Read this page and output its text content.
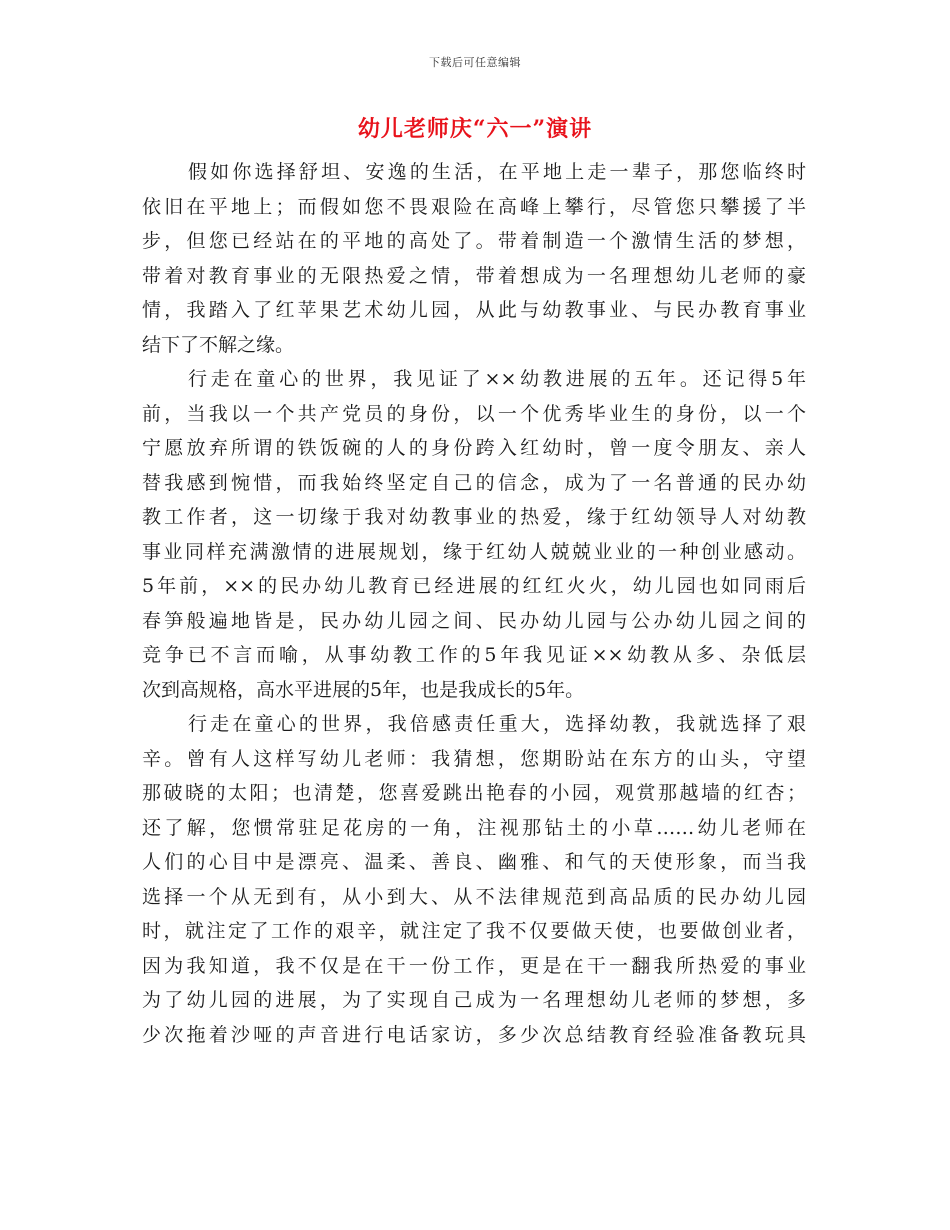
下载后可任意编辑
幼儿老师庆“六一”演讲
假如你选择舒坦、安逸的生活，在平地上走一辈子，那您临终时
依旧在平地上；而假如您不畏艰险在高峰上攀行，尽管您只攀援了半
步，但您已经站在的平地的高处了。带着制造一个激情生活的梦想，
带着对教育事业的无限热爱之情，带着想成为一名理想幼儿老师的豪
情，我踏入了红苹果艺术幼儿园，从此与幼教事业、与民办教育事业
结下了不解之缘。
行走在童心的世界，我见证了××幼教进展的五年。还记得5年
前，当我以一个共产党员的身份，以一个优秀毕业生的身份，以一个
宁愿放弃所谓的铁饭碗的人的身份跨入红幼时，曾一度令朋友、亲人
替我感到惋惜，而我始终坚定自己的信念，成为了一名普通的民办幼
教工作者，这一切缘于我对幼教事业的热爱，缘于红幼领导人对幼教
事业同样充满激情的进展规划，缘于红幼人兢兢业业的一种创业感动。
5年前，××的民办幼儿教育已经进展的红红火火，幼儿园也如同雨后
春笋般遍地皆是，民办幼儿园之间、民办幼儿园与公办幼儿园之间的
竞争已不言而喻，从事幼教工作的5年我见证××幼教从多、杂低层
次到高规格，高水平进展的5年，也是我成长的5年。
行走在童心的世界，我倍感责任重大，选择幼教，我就选择了艰
辛。曾有人这样写幼儿老师：我猜想，您期盼站在东方的山头，守望
那破晓的太阳；也清楚，您喜爱跳出艳春的小园，观赏那越墙的红杏；
还了解，您惯常驻足花房的一角，注视那钻土的小草……幼儿老师在
人们的心目中是漂亮、温柔、善良、幽雅、和气的天使形象，而当我
选择一个从无到有，从小到大、从不法律规范到高品质的民办幼儿园
时，就注定了工作的艰辛，就注定了我不仅要做天使，也要做创业者，
因为我知道，我不仅是在干一份工作，更是在干一翻我所热爱的事业
为了幼儿园的进展，为了实现自己成为一名理想幼儿老师的梦想，多
少次拖着沙哑的声音进行电话家访，多少次总结教育经验准备教玩具
